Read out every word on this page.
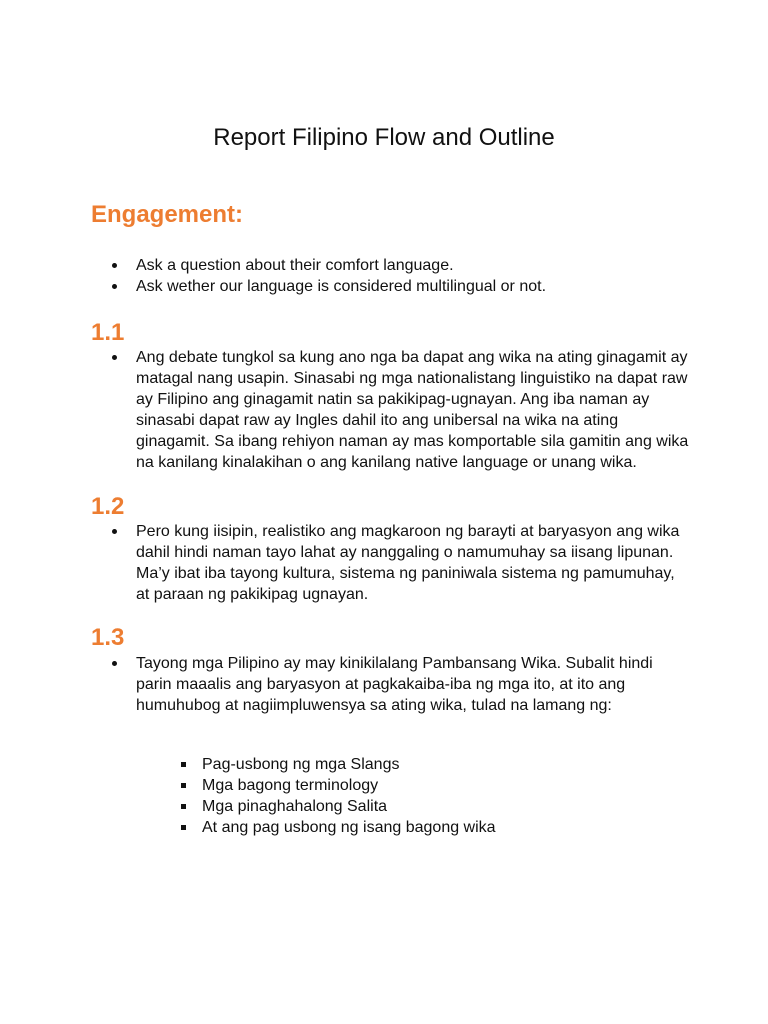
Report Filipino Flow and Outline
Engagement:
Ask a question about their comfort language.
Ask wether our language is considered multilingual or not.
1.1
Ang debate tungkol sa kung ano nga ba dapat ang wika na ating ginagamit ay matagal nang usapin. Sinasabi ng mga nationalistang linguistiko na dapat raw ay Filipino ang ginagamit natin sa pakikipag-ugnayan. Ang iba naman ay sinasabi dapat raw ay Ingles dahil ito ang unibersal na wika na ating ginagamit. Sa ibang rehiyon naman ay mas komportable sila gamitin ang wika na kanilang kinalakihan o ang kanilang native language or unang wika.
1.2
Pero kung iisipin, realistiko ang magkaroon ng barayti at baryasyon ang wika dahil hindi naman tayo lahat ay nanggaling o namumuhay sa iisang lipunan. Ma’y ibat iba tayong kultura, sistema ng paniniwala sistema ng pamumuhay, at paraan ng pakikipag ugnayan.
1.3
Tayong mga Pilipino ay may kinikilalang Pambansang Wika. Subalit hindi parin maaalis ang baryasyon at pagkakaiba-iba ng mga ito, at ito ang humuhubog at nagiimpluwensya sa ating wika, tulad na lamang ng:
Pag-usbong ng mga Slangs
Mga bagong terminology
Mga pinaghahalong Salita
At ang pag usbong ng isang bagong wika
